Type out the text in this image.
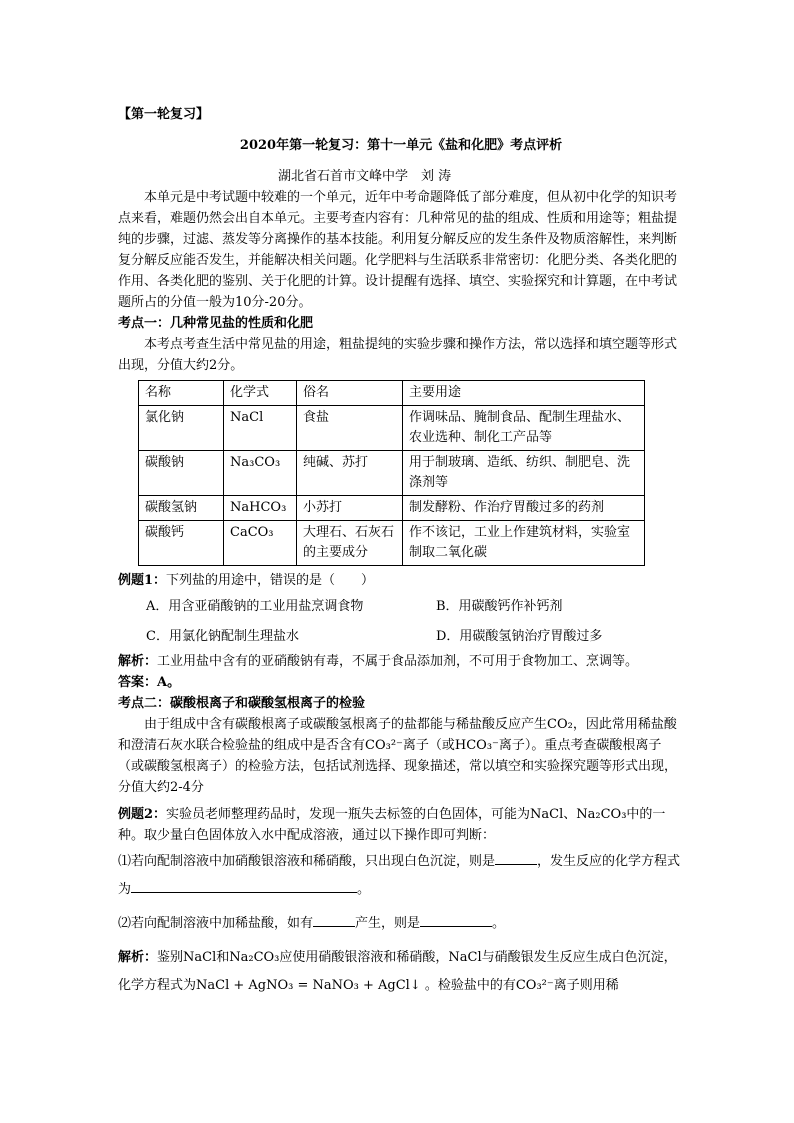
【第一轮复习】

2020年第一轮复习：第十一单元《盐和化肥》考点评析

湖北省石首市文峰中学　刘 涛

本单元是中考试题中较难的一个单元，近年中考命题降低了部分难度，但从初中化学的知识考点来看，难题仍然会出自本单元。主要考查内容有：几种常见的盐的组成、性质和用途等；粗盐提纯的步骤，过滤、蒸发等分离操作的基本技能。利用复分解反应的发生条件及物质溶解性，来判断复分解反应能否发生，并能解决相关问题。化学肥料与生活联系非常密切：化肥分类、各类化肥的作用、各类化肥的鉴别、关于化肥的计算。设计提醒有选择、填空、实验探究和计算题，在中考试题所占的分值一般为10分-20分。

考点一：几种常见盐的性质和化肥

本考点考查生活中常见盐的用途，粗盐提纯的实验步骤和操作方法，常以选择和填空题等形式出现，分值大约2分。

名称	化学式	俗名	主要用途
氯化钠	NaCl	食盐	作调味品、腌制食品、配制生理盐水、农业选种、制化工产品等
碳酸钠	Na₃CO₃	纯碱、苏打	用于制玻璃、造纸、纺织、制肥皂、洗涤剂等
碳酸氢钠	NaHCO₃	小苏打	制发酵粉、作治疗胃酸过多的药剂
碳酸钙	CaCO₃	大理石、石灰石的主要成分	作不该记，工业上作建筑材料，实验室制取二氧化碳

例题1：下列盐的用途中，错误的是（　　）

A．用含亚硝酸钠的工业用盐烹调食物	B．用碳酸钙作补钙剂
C．用氯化钠配制生理盐水	D．用碳酸氢钠治疗胃酸过多

解析：工业用盐中含有的亚硝酸钠有毒，不属于食品添加剂，不可用于食物加工、烹调等。

答案：A。

考点二：碳酸根离子和碳酸氢根离子的检验

由于组成中含有碳酸根离子或碳酸氢根离子的盐都能与稀盐酸反应产生CO₂，因此常用稀盐酸和澄清石灰水联合检验盐的组成中是否含有CO₃²⁻离子（或HCO₃⁻离子）。重点考查碳酸根离子（或碳酸氢根离子）的检验方法，包括试剂选择、现象描述，常以填空和实验探究题等形式出现，分值大约2-4分

例题2：实验员老师整理药品时，发现一瓶失去标签的白色固体，可能为NaCl、Na₂CO₃中的一种。取少量白色固体放入水中配成溶液，通过以下操作即可判断：

⑴若向配制溶液中加硝酸银溶液和稀硝酸，只出现白色沉淀，则是	，发生反应的化学方程式为	。

⑵若向配制溶液中加稀盐酸，如有	产生，则是	。

解析：鉴别NaCl和Na₂CO₃应使用硝酸银溶液和稀硝酸，NaCl与硝酸银发生反应生成白色沉淀，化学方程式为NaCl + AgNO₃ = NaNO₃ + AgCl↓ 。检验盐中的有CO₃²⁻离子则用稀
